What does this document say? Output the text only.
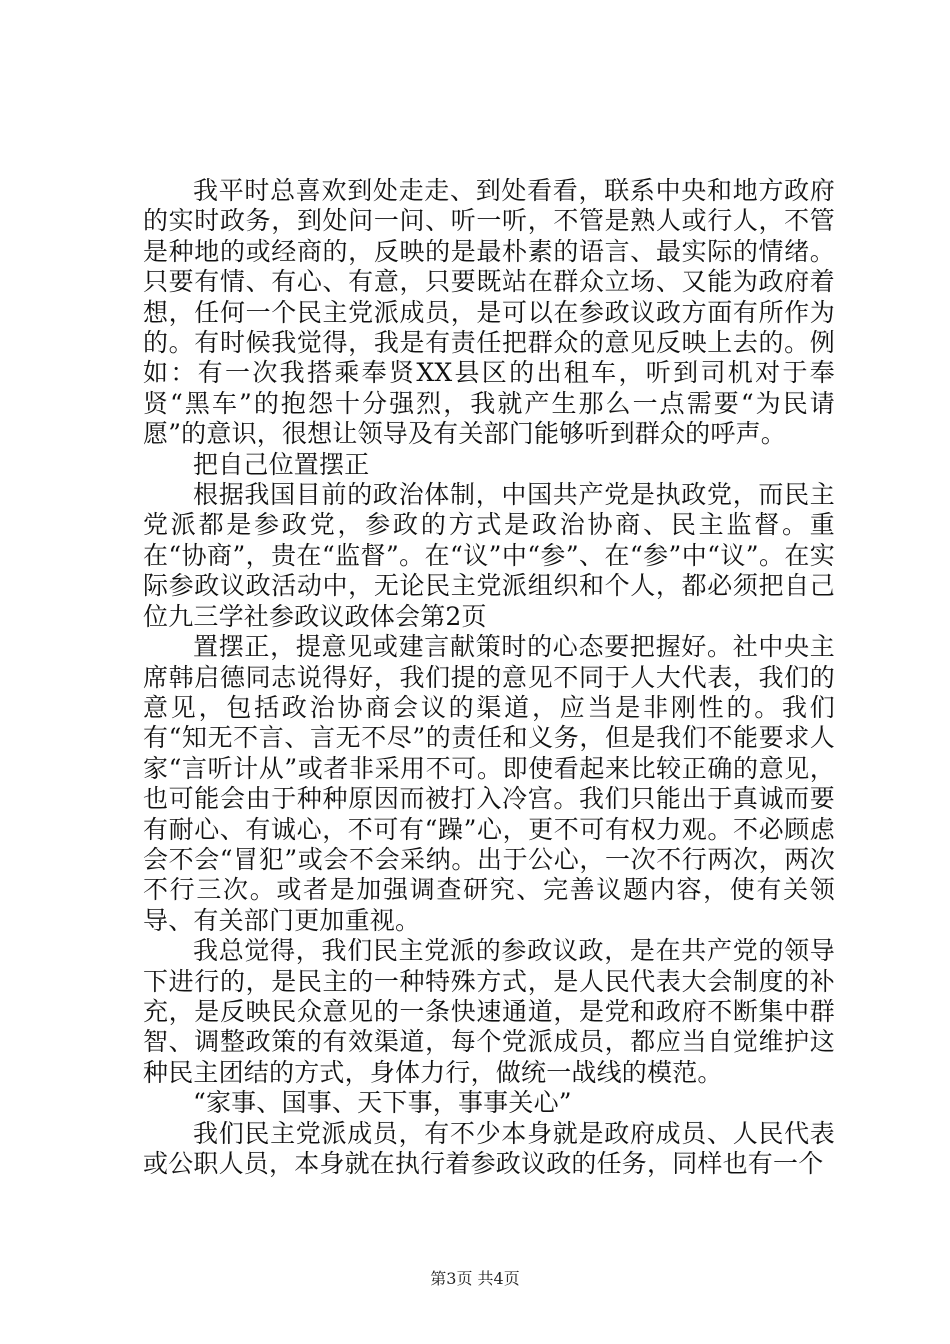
我平时总喜欢到处走走、到处看看，联系中央和地方政府的实时政务，到处问一问、听一听，不管是熟人或行人，不管是种地的或经商的，反映的是最朴素的语言、最实际的情绪。只要有情、有心、有意，只要既站在群众立场、又能为政府着想，任何一个民主党派成员，是可以在参政议政方面有所作为的。有时候我觉得，我是有责任把群众的意见反映上去的。例如：有一次我搭乘奉贤XX县区的出租车，听到司机对于奉贤“黑车”的抱怨十分强烈，我就产生那么一点需要“为民请愿”的意识，很想让领导及有关部门能够听到群众的呼声。

把自己位置摆正

根据我国目前的政治体制，中国共产党是执政党，而民主党派都是参政党，参政的方式是政治协商、民主监督。重在“协商”，贵在“监督”。在“议”中“参”、在“参”中“议”。在实际参政议政活动中，无论民主党派组织和个人，都必须把自己位九三学社参政议政体会第2页

置摆正，提意见或建言献策时的心态要把握好。社中央主席韩启德同志说得好，我们提的意见不同于人大代表，我们的意见，包括政治协商会议的渠道，应当是非刚性的。我们有“知无不言、言无不尽”的责任和义务，但是我们不能要求人家“言听计从”或者非采用不可。即使看起来比较正确的意见，也可能会由于种种原因而被打入冷宫。我们只能出于真诚而要有耐心、有诚心，不可有“躁”心，更不可有权力观。不必顾虑会不会“冒犯”或会不会采纳。出于公心，一次不行两次，两次不行三次。或者是加强调查研究、完善议题内容，使有关领导、有关部门更加重视。

我总觉得，我们民主党派的参政议政，是在共产党的领导下进行的，是民主的一种特殊方式，是人民代表大会制度的补充，是反映民众意见的一条快速通道，是党和政府不断集中群智、调整政策的有效渠道，每个党派成员，都应当自觉维护这种民主团结的方式，身体力行，做统一战线的模范。

“家事、国事、天下事，事事关心”

我们民主党派成员，有不少本身就是政府成员、人民代表或公职人员，本身就在执行着参政议政的任务，同样也有一个

第3页 共4页
